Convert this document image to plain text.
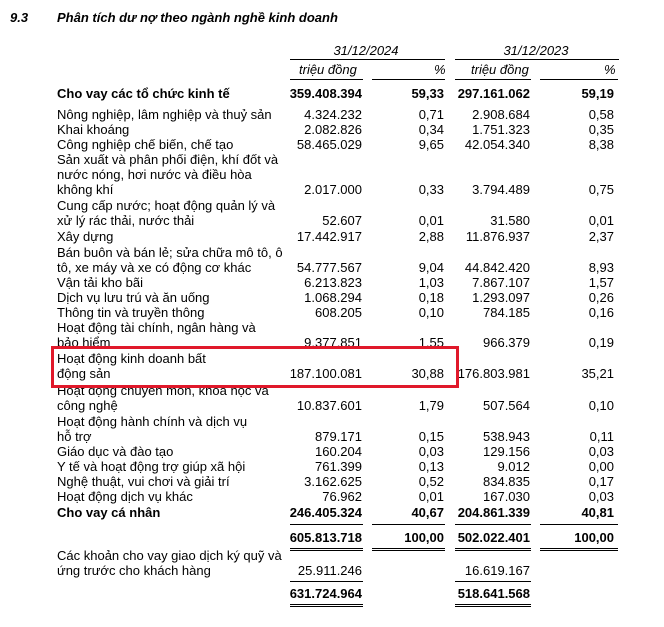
9.3 Phân tích dư nợ theo ngành nghề kinh doanh
31/12/2024	31/12/2023
triệu đồng	% triệu đồng	%
Cho vay các tổ chức kinh tế	359.408.394	59,33 297.161.062	59,19
Nông nghiệp, lâm nghiệp và thuỷ sản	4.324.232	0,71 2.908.684	0,58
Khai khoáng	2.082.826	0,34 1.751.323	0,35
Công nghiệp chế biến, chế tạo	58.465.029	9,65 42.054.340	8,38
Sản xuất và phân phối điện, khí đốt và nước nóng, hơi nước và điều hòa không khí	2.017.000	0,33 3.794.489	0,75
Cung cấp nước; hoạt động quản lý và xử lý rác thải, nước thải	52.607	0,01	31.580	0,01
Xây dựng	17.442.917	2,88 11.876.937	2,37
Bán buôn và bán lẻ; sửa chữa mô tô, ô tô, xe máy và xe có động cơ khác	54.777.567	9,04 44.842.420	8,93
Vận tải kho bãi	6.213.823	1,03 7.867.107	1,57
Dịch vụ lưu trú và ăn uống	1.068.294	0,18 1.293.097	0,26
Thông tin và truyền thông	608.205	0,10	784.185	0,16
Hoạt động tài chính, ngân hàng và bảo hiểm	9.377.851	1,55	966.379	0,19
Hoạt động kinh doanh bất động sản	187.100.081	30,88 176.803.981	35,21
Hoạt động chuyên môn, khoa học và công nghệ	10.837.601	1,79	507.564	0,10
Hoạt động hành chính và dịch vụ hỗ trợ	879.171	0,15	538.943	0,11
Giáo dục và đào tạo	160.204	0,03	129.156	0,03
Y tế và hoạt động trợ giúp xã hội	761.399	0,13	9.012	0,00
Nghệ thuật, vui chơi và giải trí	3.162.625	0,52	834.835	0,17
Hoạt động dịch vụ khác	76.962	0,01	167.030	0,03
Cho vay cá nhân	246.405.324	40,67 204.861.339	40,81
605.813.718	100,00 502.022.401	100,00
Các khoản cho vay giao dịch ký quỹ và ứng trước cho khách hàng	25.911.246	16.619.167
631.724.964	518.641.568
